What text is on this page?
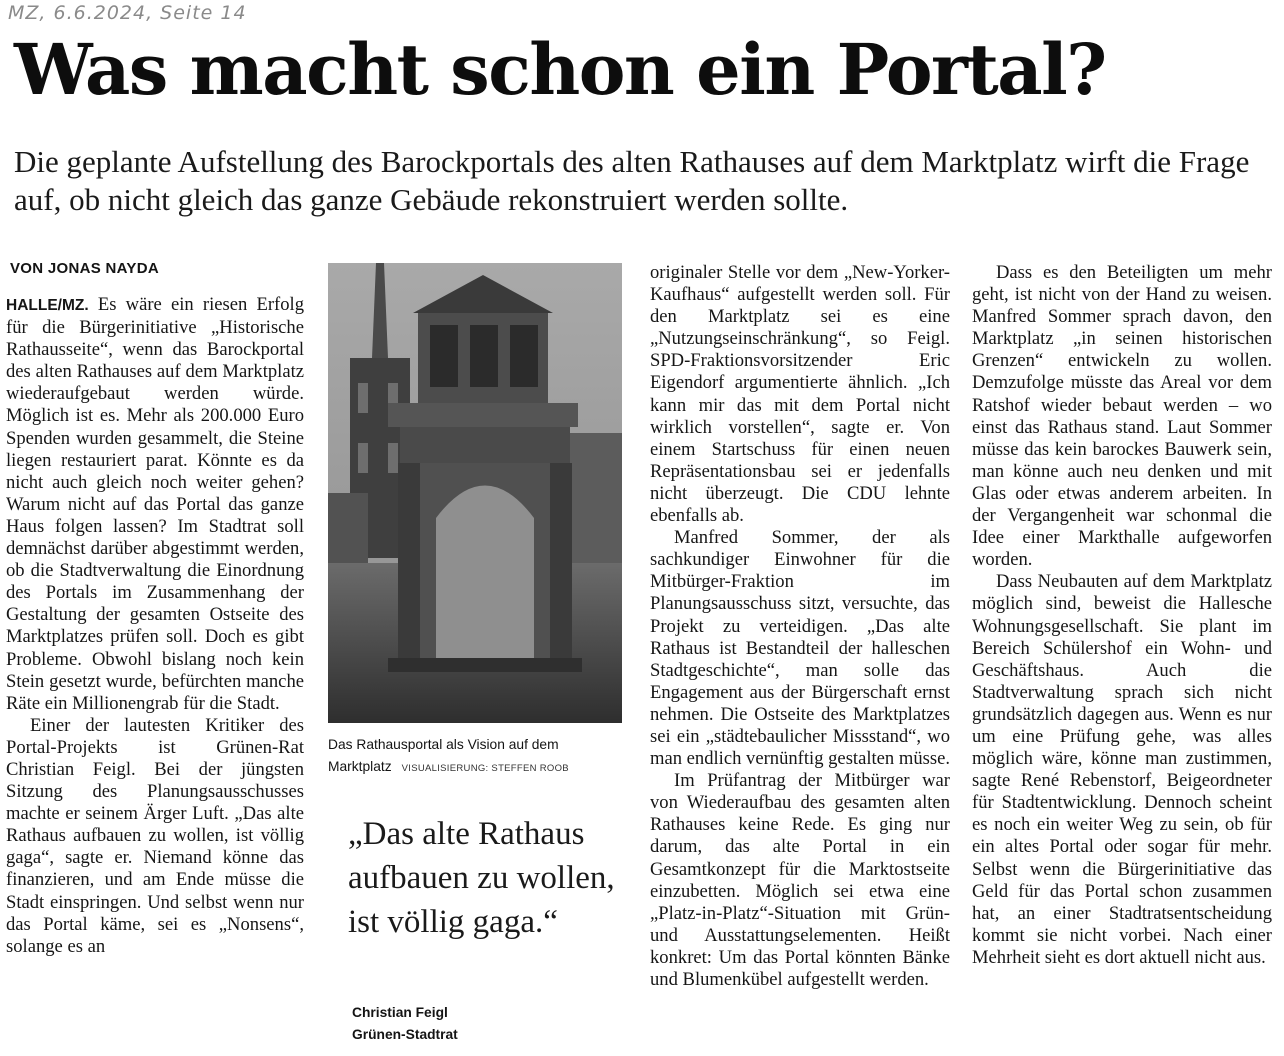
MZ, 6.6.2024, Seite 14
Was macht schon ein Portal?

Die geplante Aufstellung des Barockportals des alten Rathauses auf dem Marktplatz wirft die Frage auf, ob nicht gleich das ganze Gebäude rekonstruiert werden sollte.

VON JONAS NAYDA

HALLE/MZ. Es wäre ein riesen Erfolg für die Bürgerinitiative „Historische Rathausseite“, wenn das Barockportal des alten Rathauses auf dem Marktplatz wiederaufgebaut werden würde. Möglich ist es. Mehr als 200.000 Euro Spenden wurden gesammelt, die Steine liegen restauriert parat. Könnte es da nicht auch gleich noch weiter gehen? Warum nicht auf das Portal das ganze Haus folgen lassen? Im Stadtrat soll demnächst darüber abgestimmt werden, ob die Stadtverwaltung die Einordnung des Portals im Zusammenhang der Gestaltung der gesamten Ostseite des Marktplatzes prüfen soll. Doch es gibt Probleme. Obwohl bislang noch kein Stein gesetzt wurde, befürchten manche Räte ein Millionengrab für die Stadt.

Einer der lautesten Kritiker des Portal-Projekts ist Grünen-Rat Christian Feigl. Bei der jüngsten Sitzung des Planungsausschusses machte er seinem Ärger Luft. „Das alte Rathaus aufbauen zu wollen, ist völlig gaga“, sagte er. Niemand könne das finanzieren, und am Ende müsse die Stadt einspringen. Und selbst wenn nur das Portal käme, sei es „Nonsens“, solange es an

Das Rathausportal als Vision auf dem Marktplatz VISUALISIERUNG: STEFFEN ROOB
„Das alte Rathaus aufbauen zu wollen, ist völlig gaga.“
Christian Feigl
Grünen-Stadtrat

originaler Stelle vor dem „New-Yorker-Kaufhaus“ aufgestellt werden soll. Für den Marktplatz sei es eine „Nutzungseinschränkung“, so Feigl. SPD-Fraktionsvorsitzender Eric Eigendorf argumentierte ähnlich. „Ich kann mir das mit dem Portal nicht wirklich vorstellen“, sagte er. Von einem Startschuss für einen neuen Repräsentationsbau sei er jedenfalls nicht überzeugt. Die CDU lehnte ebenfalls ab.

Manfred Sommer, der als sachkundiger Einwohner für die Mitbürger-Fraktion im Planungsausschuss sitzt, versuchte, das Projekt zu verteidigen. „Das alte Rathaus ist Bestandteil der halleschen Stadtgeschichte“, man solle das Engagement aus der Bürgerschaft ernst nehmen. Die Ostseite des Marktplatzes sei ein „städtebaulicher Missstand“, wo man endlich vernünftig gestalten müsse.

Im Prüfantrag der Mitbürger war von Wiederaufbau des gesamten alten Rathauses keine Rede. Es ging nur darum, das alte Portal in ein Gesamtkonzept für die Marktostseite einzubetten. Möglich sei etwa eine „Platz-in-Platz“-Situation mit Grün- und Ausstattungselementen. Heißt konkret: Um das Portal könnten Bänke und Blumenkübel aufgestellt werden.

Dass es den Beteiligten um mehr geht, ist nicht von der Hand zu weisen. Manfred Sommer sprach davon, den Marktplatz „in seinen historischen Grenzen“ entwickeln zu wollen. Demzufolge müsste das Areal vor dem Ratshof wieder bebaut werden – wo einst das Rathaus stand. Laut Sommer müsse das kein barockes Bauwerk sein, man könne auch neu denken und mit Glas oder etwas anderem arbeiten. In der Vergangenheit war schonmal die Idee einer Markthalle aufgeworfen worden.

Dass Neubauten auf dem Marktplatz möglich sind, beweist die Hallesche Wohnungsgesellschaft. Sie plant im Bereich Schülershof ein Wohn- und Geschäftshaus. Auch die Stadtverwaltung sprach sich nicht grundsätzlich dagegen aus. Wenn es nur um eine Prüfung gehe, was alles möglich wäre, könne man zustimmen, sagte René Rebenstorf, Beigeordneter für Stadtentwicklung. Dennoch scheint es noch ein weiter Weg zu sein, ob für ein altes Portal oder sogar für mehr. Selbst wenn die Bürgerinitiative das Geld für das Portal schon zusammen hat, an einer Stadtratsentscheidung kommt sie nicht vorbei. Nach einer Mehrheit sieht es dort aktuell nicht aus.
